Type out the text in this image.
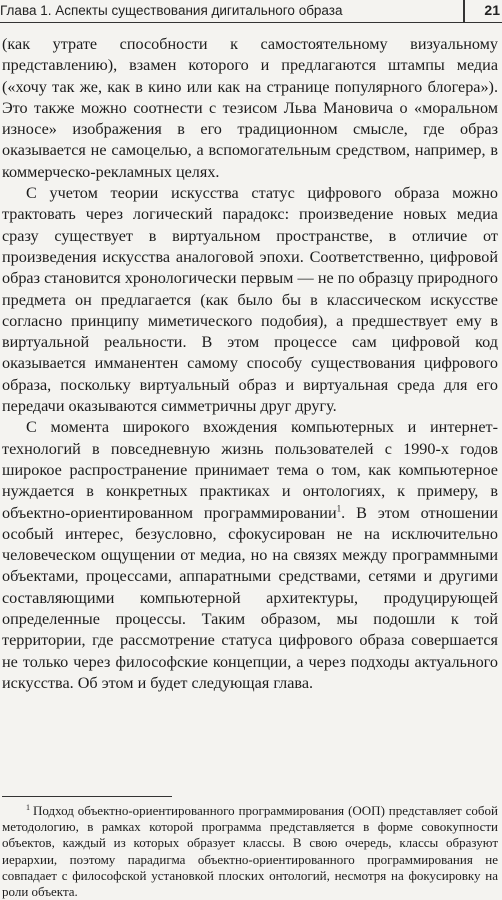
Глава 1. Аспекты существования дигитального образа	21

(как утрате способности к самостоятельному визуальному представлению), взамен которого и предлагаются штампы медиа («хочу так же, как в кино или как на странице популярного блогера»). Это также можно соотнести с тезисом Льва Мановича о «моральном износе» изображения в его традиционном смысле, где образ оказывается не самоцелью, а вспомогательным средством, например, в коммерческо-рекламных целях.

С учетом теории искусства статус цифрового образа можно трактовать через логический парадокс: произведение новых медиа сразу существует в виртуальном пространстве, в отличие от произведения искусства аналоговой эпохи. Соответственно, цифровой образ становится хронологически первым — не по образцу природного предмета он предлагается (как было бы в классическом искусстве согласно принципу миметического подобия), а предшествует ему в виртуальной реальности. В этом процессе сам цифровой код оказывается имманентен самому способу существования цифрового образа, поскольку виртуальный образ и виртуальная среда для его передачи оказываются симметричны друг другу.

С момента широкого вхождения компьютерных и интернет-технологий в повседневную жизнь пользователей с 1990-х годов широкое распространение принимает тема о том, как компьютерное нуждается в конкретных практиках и онтологиях, к примеру, в объектно-ориентированном программировании$^1$. В этом отношении особый интерес, безусловно, сфокусирован не на исключительно человеческом ощущении от медиа, но на связях между программными объектами, процессами, аппаратными средствами, сетями и другими составляющими компьютерной архитектуры, продуцирующей определенные процессы. Таким образом, мы подошли к той территории, где рассмотрение статуса цифрового образа совершается не только через философские концепции, а через подходы актуального искусства. Об этом и будет следующая глава.

$^1$ Подход объектно-ориентированного программирования (ООП) представляет собой методологию, в рамках которой программа представляется в форме совокупности объектов, каждый из которых образует классы. В свою очередь, классы образуют иерархии, поэтому парадигма объектно-ориентированного программирования не совпадает с философской установкой плоских онтологий, несмотря на фокусировку на роли объекта.
